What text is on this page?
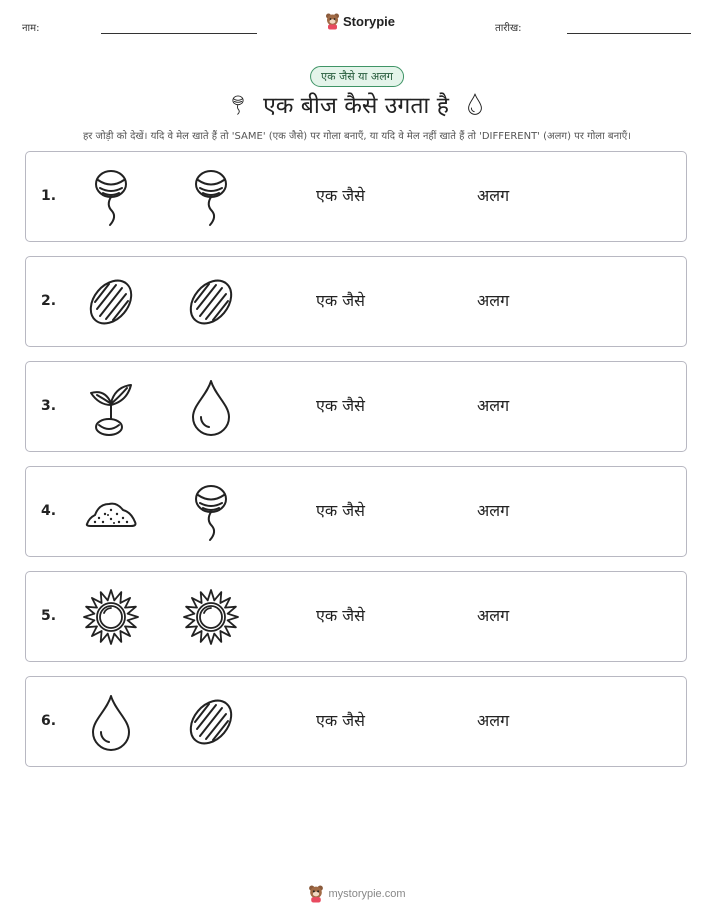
नाम:	Storypie	तारीख:
एक जैसे या अलग
एक बीज कैसे उगता है
हर जोड़ी को देखें। यदि वे मेल खाते हैं तो 'SAME' (एक जैसे) पर गोला बनाएँ, या यदि वे मेल नहीं खाते हैं तो 'DIFFERENT' (अलग) पर गोला बनाएँ।
1.	एक जैसे	अलग
2.	एक जैसे	अलग
3.	एक जैसे	अलग
4.	एक जैसे	अलग
5.	एक जैसे	अलग
6.	एक जैसे	अलग
mystorypie.com
